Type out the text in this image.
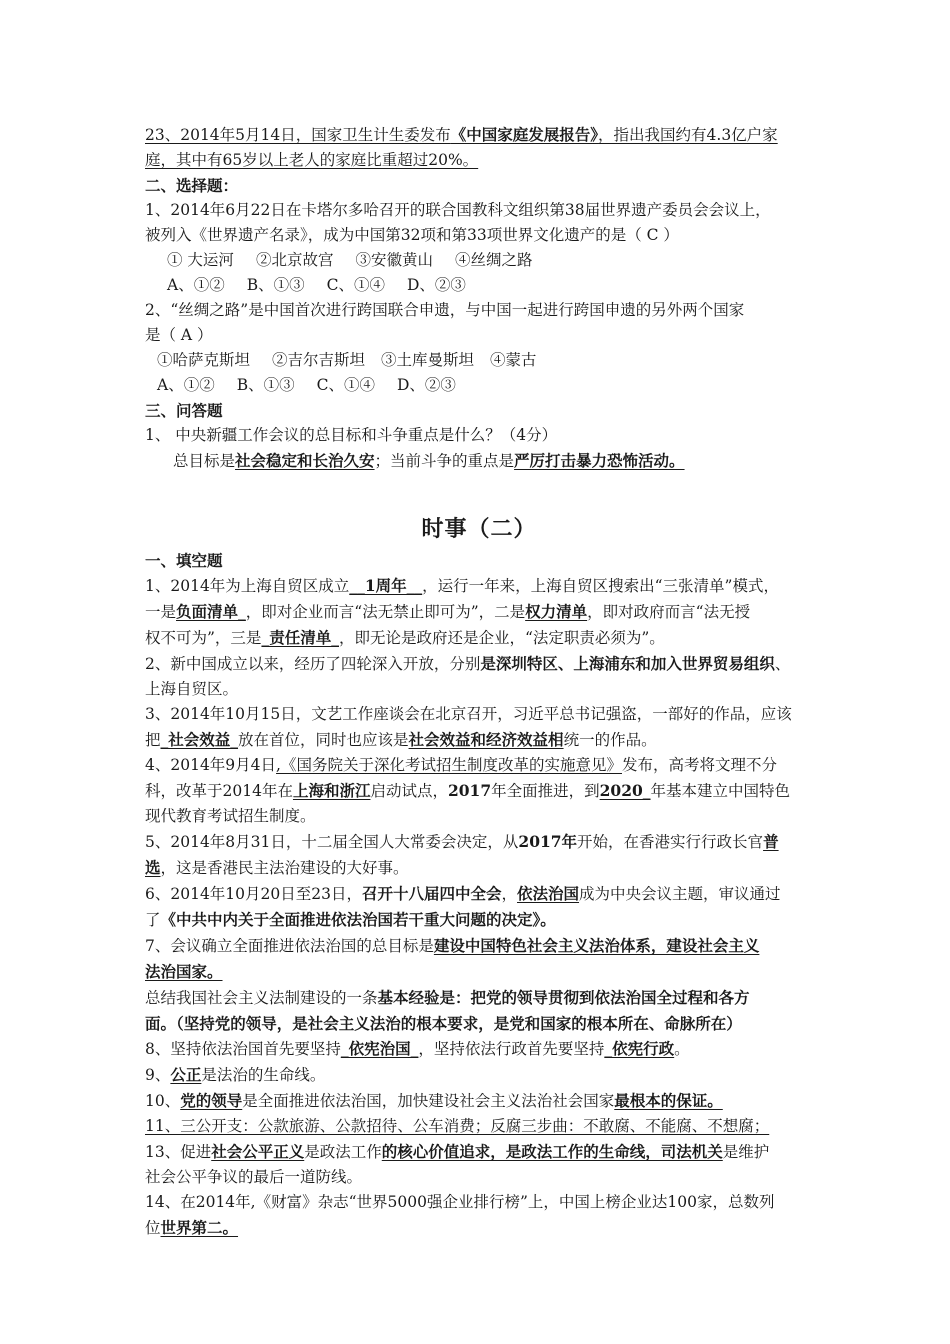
23、2014年5月14日，国家卫生计生委发布《中国家庭发展报告》，指出我国约有4.3亿户家
庭，其中有65岁以上老人的家庭比重超过20%。
二、选择题：
1、2014年6月22日在卡塔尔多哈召开的联合国教科文组织第38届世界遗产委员会会议上，
被列入《世界遗产名录》，成为中国第32项和第33项世界文化遗产的是（ C ）
① 大运河 ②北京故宫 ③安徽黄山 ④丝绸之路
A、①② B、①③ C、①④ D、②③
2、“丝绸之路”是中国首次进行跨国联合申遗，与中国一起进行跨国申遗的另外两个国家
是（ A ）
①哈萨克斯坦 ②吉尔吉斯坦 ③土库曼斯坦 ④蒙古
A、①② B、①③ C、①④ D、②③
三、问答题
1、 中央新疆工作会议的总目标和斗争重点是什么？（4分）
总目标是社会稳定和长治久安；当前斗争的重点是严厉打击暴力恐怖活动。
时事（二）
一、填空题
1、2014年为上海自贸区成立__1周年__，运行一年来，上海自贸区搜索出“三张清单”模式，
一是负面清单_，即对企业而言“法无禁止即可为”，二是权力清单，即对政府而言“法无授
权不可为”，三是_责任清单_，即无论是政府还是企业，“法定职责必须为”。
2、新中国成立以来，经历了四轮深入开放，分别是深圳特区、上海浦东和加入世界贸易组织、
上海自贸区。
3、2014年10月15日，文艺工作座谈会在北京召开，习近平总书记强盗，一部好的作品，应该
把_社会效益_放在首位，同时也应该是社会效益和经济效益相统一的作品。
4、2014年9月4日,《国务院关于深化考试招生制度改革的实施意见》发布，高考将文理不分
科，改革于2014年在上海和浙江启动试点，2017年全面推进，到2020_年基本建立中国特色
现代教育考试招生制度。
5、2014年8月31日，十二届全国人大常委会决定，从2017年开始，在香港实行行政长官普
选，这是香港民主法治建设的大好事。
6、2014年10月20日至23日，召开十八届四中全会，依法治国成为中央会议主题，审议通过
了《中共中内关于全面推进依法治国若干重大问题的决定》。
7、会议确立全面推进依法治国的总目标是建设中国特色社会主义法治体系，建设社会主义
法治国家。
总结我国社会主义法制建设的一条基本经验是：把党的领导贯彻到依法治国全过程和各方
面。（坚持党的领导，是社会主义法治的根本要求，是党和国家的根本所在、命脉所在）
8、坚持依法治国首先要坚持_依宪治国_，坚持依法行政首先要坚持_依宪行政。
9、公正是法治的生命线。
10、党的领导是全面推进依法治国，加快建设社会主义法治社会国家最根本的保证。
11、三公开支：公款旅游、公款招待、公车消费；反腐三步曲：不敢腐、不能腐、不想腐；
13、促进社会公平正义是政法工作的核心价值追求，是政法工作的生命线，司法机关是维护
社会公平争议的最后一道防线。
14、在2014年,《财富》杂志“世界5000强企业排行榜”上，中国上榜企业达100家，总数列
位世界第二。
